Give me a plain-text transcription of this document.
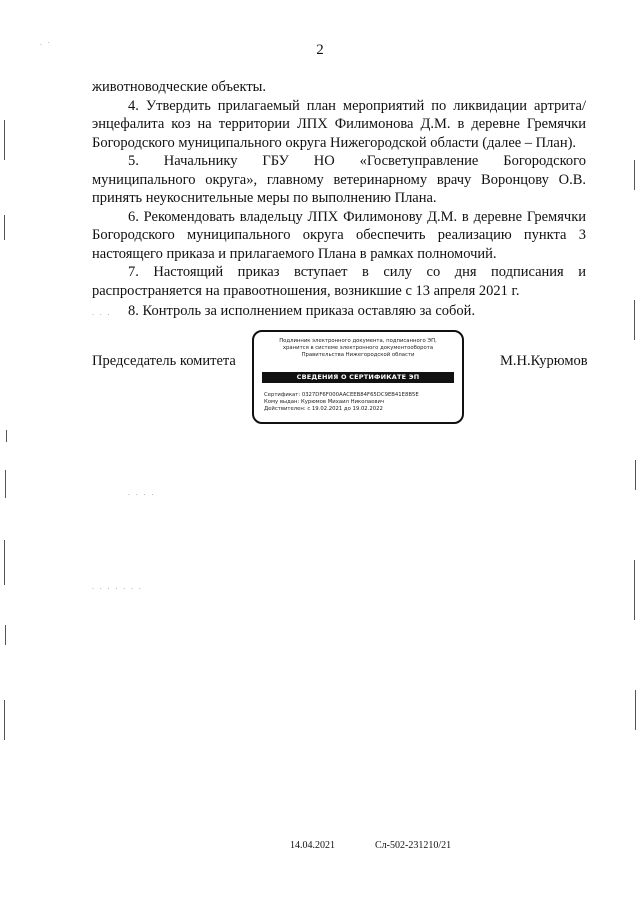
2

животноводческие объекты.

4. Утвердить прилагаемый план мероприятий по ликвидации артрита/энцефалита коз на территории ЛПХ Филимонова Д.М. в деревне Гремячки Богородского муниципального округа Нижегородской области (далее – План).

5. Начальнику ГБУ НО «Госветуправление Богородского муниципального округа», главному ветеринарному врачу Воронцову О.В. принять неукоснительные меры по выполнению Плана.

6. Рекомендовать владельцу ЛПХ Филимонову Д.М. в деревне Гремячки Богородского муниципального округа обеспечить реализацию пункта 3 настоящего приказа и прилагаемого Плана в рамках полномочий.

7. Настоящий приказ вступает в силу со дня подписания и распространяется на правоотношения, возникшие с 13 апреля 2021 г.

8. Контроль за исполнением приказа оставляю за собой.

Председатель комитета
Подлинник электронного документа, подписанного ЭП,
хранится в системе электронного документооборота
Правительства Нижегородской области
СВЕДЕНИЯ О СЕРТИФИКАТЕ ЭП
Сертификат: 0327DF6F000AACEEB84F65DC9EB41E8B5E
Кому выдан: Курюмов Михаил Николаевич
Действителен: с 19.02.2021 до 19.02.2022
М.Н.Курюмов
14.04.2021	Сл-502-231210/21
. ·
· · · ·
· · · · · · ·
· · ·
